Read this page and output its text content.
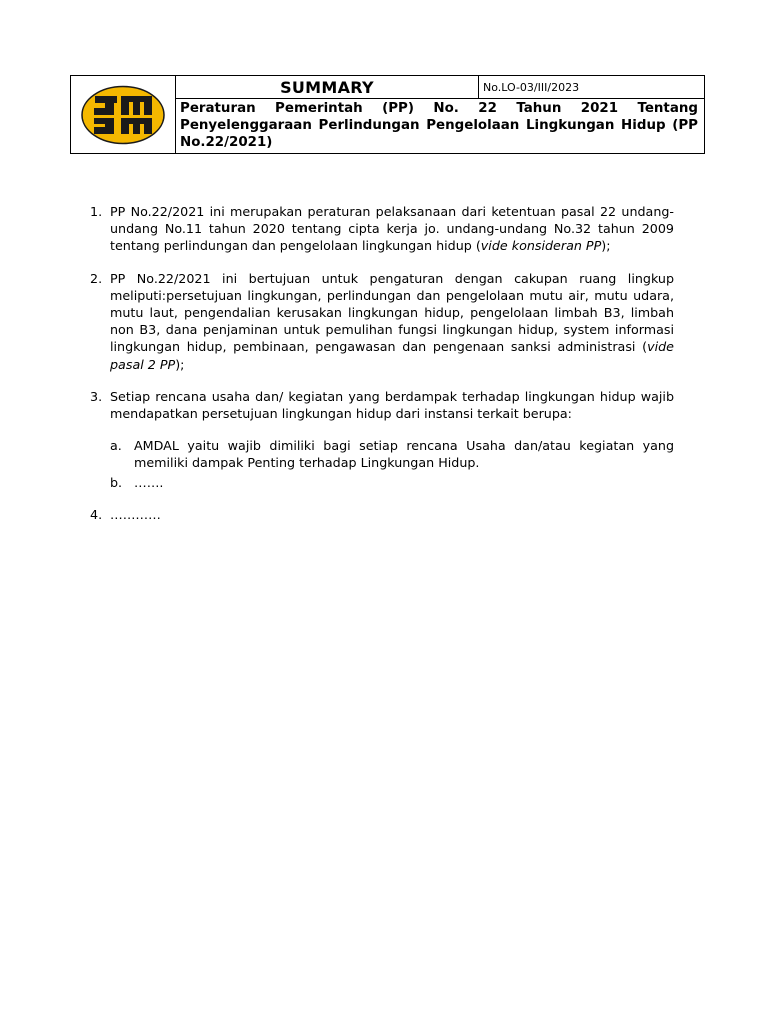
	SUMMARY	No.LO-03/III/2023

Peraturan Pemerintah (PP) No. 22 Tahun 2021 Tentang Penyelenggaraan Perlindungan Pengelolaan Lingkungan Hidup (PP No.22/2021)

1. PP No.22/2021 ini merupakan peraturan pelaksanaan dari ketentuan pasal 22 undang-undang No.11 tahun 2020 tentang cipta kerja jo. undang-undang No.32 tahun 2009 tentang perlindungan dan pengelolaan lingkungan hidup (vide konsideran PP);
2. PP No.22/2021 ini bertujuan untuk pengaturan dengan cakupan ruang lingkup meliputi:persetujuan lingkungan, perlindungan dan pengelolaan mutu air, mutu udara, mutu laut, pengendalian kerusakan lingkungan hidup, pengelolaan limbah B3, limbah non B3, dana penjaminan untuk pemulihan fungsi lingkungan hidup, system informasi lingkungan hidup, pembinaan, pengawasan dan pengenaan sanksi administrasi (vide pasal 2 PP);
3. Setiap rencana usaha dan/ kegiatan yang berdampak terhadap lingkungan hidup wajib mendapatkan persetujuan lingkungan hidup dari instansi terkait berupa:
a. AMDAL yaitu wajib dimiliki bagi setiap rencana Usaha dan/atau kegiatan yang memiliki dampak Penting terhadap Lingkungan Hidup.
b. …….
4. …………
